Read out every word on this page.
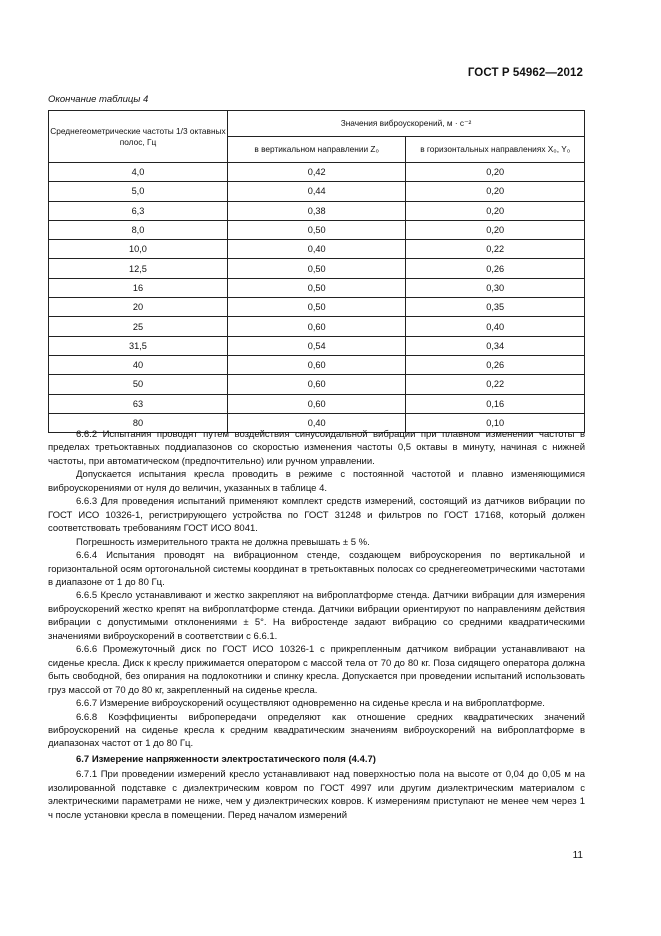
ГОСТ Р 54962—2012
Окончание таблицы 4
Среднегеометрические частоты 1/3 октавных полос, Гц	Значения виброускорений, м · с⁻²	
	в вертикальном направлении Z₀	в горизонтальных направлениях X₀, Y₀
4,0	0,42	0,20
5,0	0,44	0,20
6,3	0,38	0,20
8,0	0,50	0,20
10,0	0,40	0,22
12,5	0,50	0,26
16	0,50	0,30
20	0,50	0,35
25	0,60	0,40
31,5	0,54	0,34
40	0,60	0,26
50	0,60	0,22
63	0,60	0,16
80	0,40	0,10

6.6.2 Испытания проводят путем воздействия синусоидальной вибрации при плавном изменении частоты в пределах третьоктавных поддиапазонов со скоростью изменения частоты 0,5 октавы в минуту, начиная с нижней частоты, при автоматическом (предпочтительно) или ручном управлении.

Допускается испытания кресла проводить в режиме с постоянной частотой и плавно изменяющимися виброускорениями от нуля до величин, указанных в таблице 4.

6.6.3 Для проведения испытаний применяют комплект средств измерений, состоящий из датчиков вибрации по ГОСТ ИСО 10326-1, регистрирующего устройства по ГОСТ 31248 и фильтров по ГОСТ 17168, который должен соответствовать требованиям ГОСТ ИСО 8041.

Погрешность измерительного тракта не должна превышать ± 5 %.

6.6.4 Испытания проводят на вибрационном стенде, создающем виброускорения по вертикальной и горизонтальной осям ортогональной системы координат в третьоктавных полосах со среднегеометрическими частотами в диапазоне от 1 до 80 Гц.

6.6.5 Кресло устанавливают и жестко закрепляют на виброплатформе стенда. Датчики вибрации для измерения виброускорений жестко крепят на виброплатформе стенда. Датчики вибрации ориентируют по направлениям действия вибрации с допустимыми отклонениями ± 5°. На вибростенде задают вибрацию со средними квадратическими значениями виброускорений в соответствии с 6.6.1.

6.6.6 Промежуточный диск по ГОСТ ИСО 10326-1 с прикрепленным датчиком вибрации устанавливают на сиденье кресла. Диск к креслу прижимается оператором с массой тела от 70 до 80 кг. Поза сидящего оператора должна быть свободной, без опирания на подлокотники и спинку кресла. Допускается при проведении испытаний использовать груз массой от 70 до 80 кг, закрепленный на сиденье кресла.

6.6.7 Измерение виброускорений осуществляют одновременно на сиденье кресла и на виброплатформе.

6.6.8 Коэффициенты вибропередачи определяют как отношение средних квадратических значений виброускорений на сиденье кресла к средним квадратическим значениям виброускорений на виброплатформе в диапазонах частот от 1 до 80 Гц.

6.7 Измерение напряженности электростатического поля (4.4.7)

6.7.1 При проведении измерений кресло устанавливают над поверхностью пола на высоте от 0,04 до 0,05 м на изолированной подставке с диэлектрическим ковром по ГОСТ 4997 или другим диэлектрическим материалом с электрическими параметрами не ниже, чем у диэлектрических ковров. К измерениям приступают не менее чем через 1 ч после установки кресла в помещении. Перед началом измерений

11
